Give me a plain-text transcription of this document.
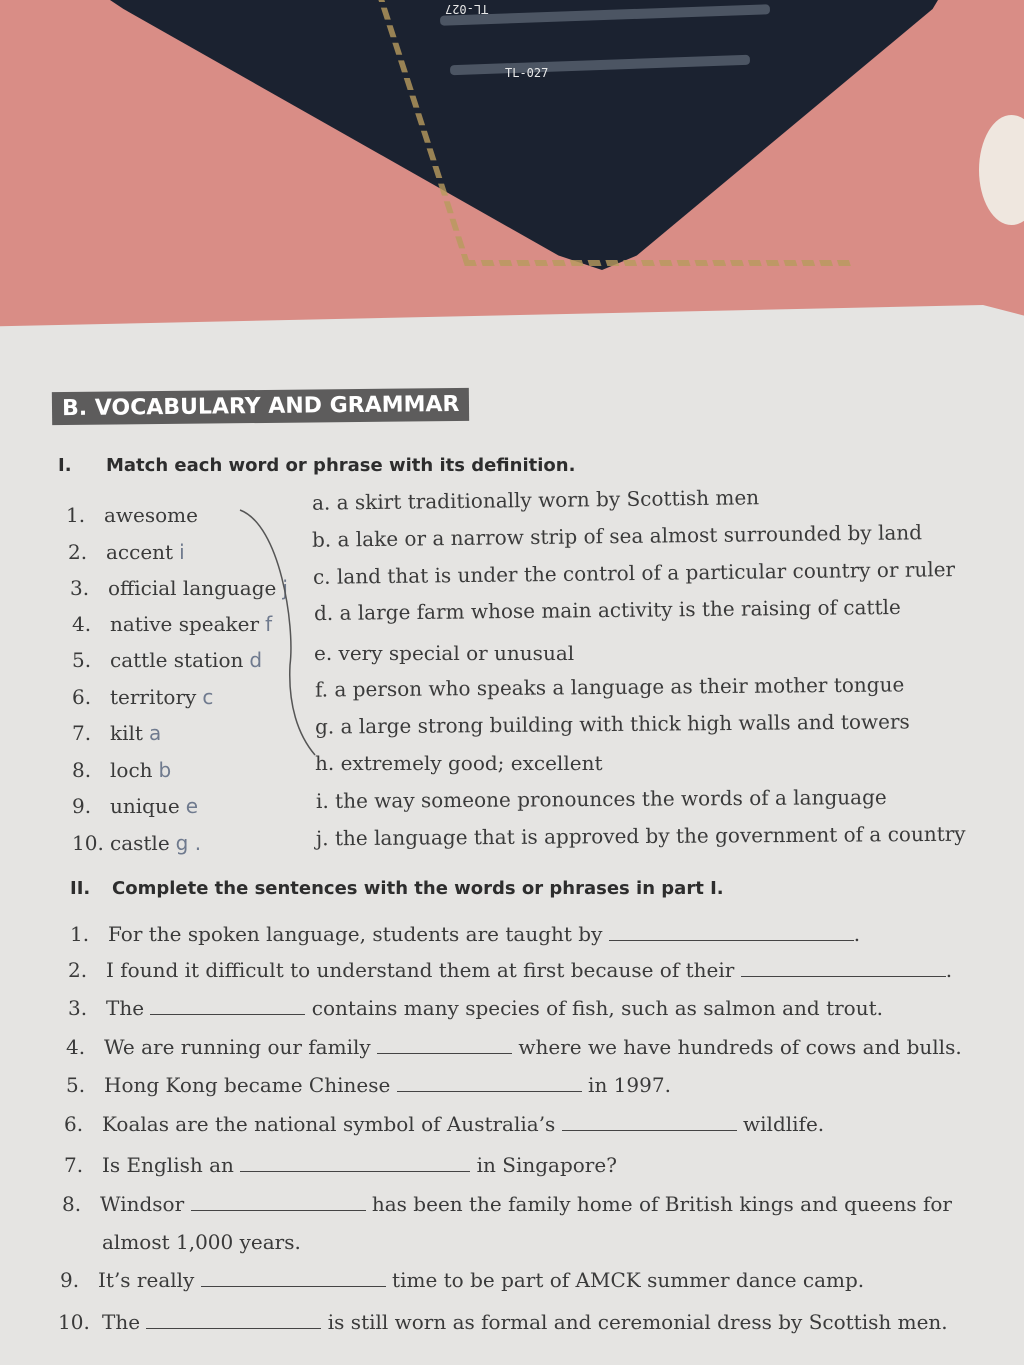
TL-027
TL-027
B. VOCABULARY AND GRAMMAR
I. Match each word or phrase with its definition.
1. awesome
2. accent i
3. official language j
4. native speaker f
5. cattle station d
6. territory c
7. kilt a
8. loch b
9. unique e
10. castle g .
a. a skirt traditionally worn by Scottish men
b. a lake or a narrow strip of sea almost surrounded by land
c. land that is under the control of a particular country or ruler
d. a large farm whose main activity is the raising of cattle
e. very special or unusual
f. a person who speaks a language as their mother tongue
g. a large strong building with thick high walls and towers
h. extremely good; excellent
i. the way someone pronounces the words of a language
j. the language that is approved by the government of a country
II. Complete the sentences with the words or phrases in part I.
1. For the spoken language, students are taught by	.
2. I found it difficult to understand them at first because of their	.
3. The	contains many species of fish, such as salmon and trout.
4. We are running our family	where we have hundreds of cows and bulls.
5. Hong Kong became Chinese	in 1997.
6. Koalas are the national symbol of Australia’s	wildlife.
7. Is English an	in Singapore?
8. Windsor	has been the family home of British kings and queens for
almost 1,000 years.
9. It’s really	time to be part of AMCK summer dance camp.
10. The	is still worn as formal and ceremonial dress by Scottish men.
